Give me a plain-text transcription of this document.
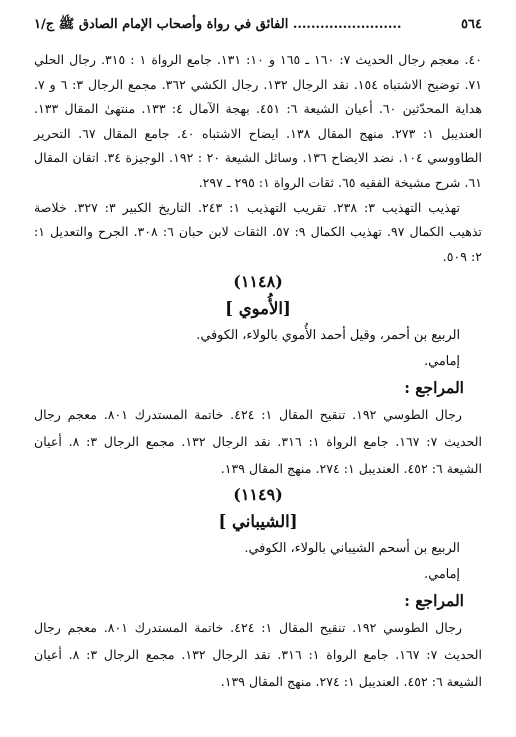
٥٦٤
........................ الفائق في رواة وأصحاب الإمام الصادق ﷺ ج/١

٤٠. معجم رجال الحديث ٧: ١٦٠ ـ ١٦٥ و ١٠: ١٣١. جامع الرواة ١ : ٣١٥. رجال الحلي ٧١. توضيح الاشتباه ١٥٤. نقد الرجال ١٣٢. رجال الكشي ٣٦٢. مجمع الرجال ٣: ٦ و ٧. هداية المحدّثين ٦٠. أعيان الشيعة ٦: ٤٥١. بهجة الآمال ٤: ١٣٣. منتهىٰ المقال ١٣٣. العنديبل ١: ٢٧٣. منهج المقال ١٣٨. ايضاح الاشتباه ٤٠. جامع المقال ٦٧. التحرير الطاووسي ١٠٤. نضد الايضاح ١٣٦. وسائل الشيعة ٢٠ : ١٩٢. الوجيزة ٣٤. اتقان المقال ٦١. شرح مشيخة الفقيه ٦٥. ثقات الرواة ١: ٢٩٥ ـ ٢٩٧.

تهذيب التهذيب ٣: ٢٣٨. تقريب التهذيب ١: ٢٤٣. التاريخ الكبير ٣: ٣٢٧. خلاصة تذهيب الكمال ٩٧. تهذيب الكمال ٩: ٥٧. الثقات لابن حبان ٦: ٣٠٨. الجرح والتعديل ١: ٢: ٥٠٩.

(١١٤٨)

[الأُموي ]

الربيع بن أحمر، وقيل أحمد الأُموي بالولاء، الكوفي.

إمامي.

المراجع :

رجال الطوسي ١٩٢. تنقيح المقال ١: ٤٢٤. خاتمة المستدرك ٨٠١. معجم رجال الحديث ٧: ١٦٧. جامع الرواة ١: ٣١٦. نقد الرجال ١٣٢. مجمع الرجال ٣: ٨. أعيان الشيعة ٦: ٤٥٢. العنديبل ١: ٢٧٤. منهج المقال ١٣٩.

(١١٤٩)

[الشيباني ]

الربيع بن أسحم الشيباني بالولاء، الكوفي.

إمامي.

المراجع :

رجال الطوسي ١٩٢. تنقيح المقال ١: ٤٢٤. خاتمة المستدرك ٨٠١. معجم رجال الحديث ٧: ١٦٧. جامع الرواة ١: ٣١٦. نقد الرجال ١٣٢. مجمع الرجال ٣: ٨. أعيان الشيعة ٦: ٤٥٢. العنديبل ١: ٢٧٤. منهج المقال ١٣٩.
